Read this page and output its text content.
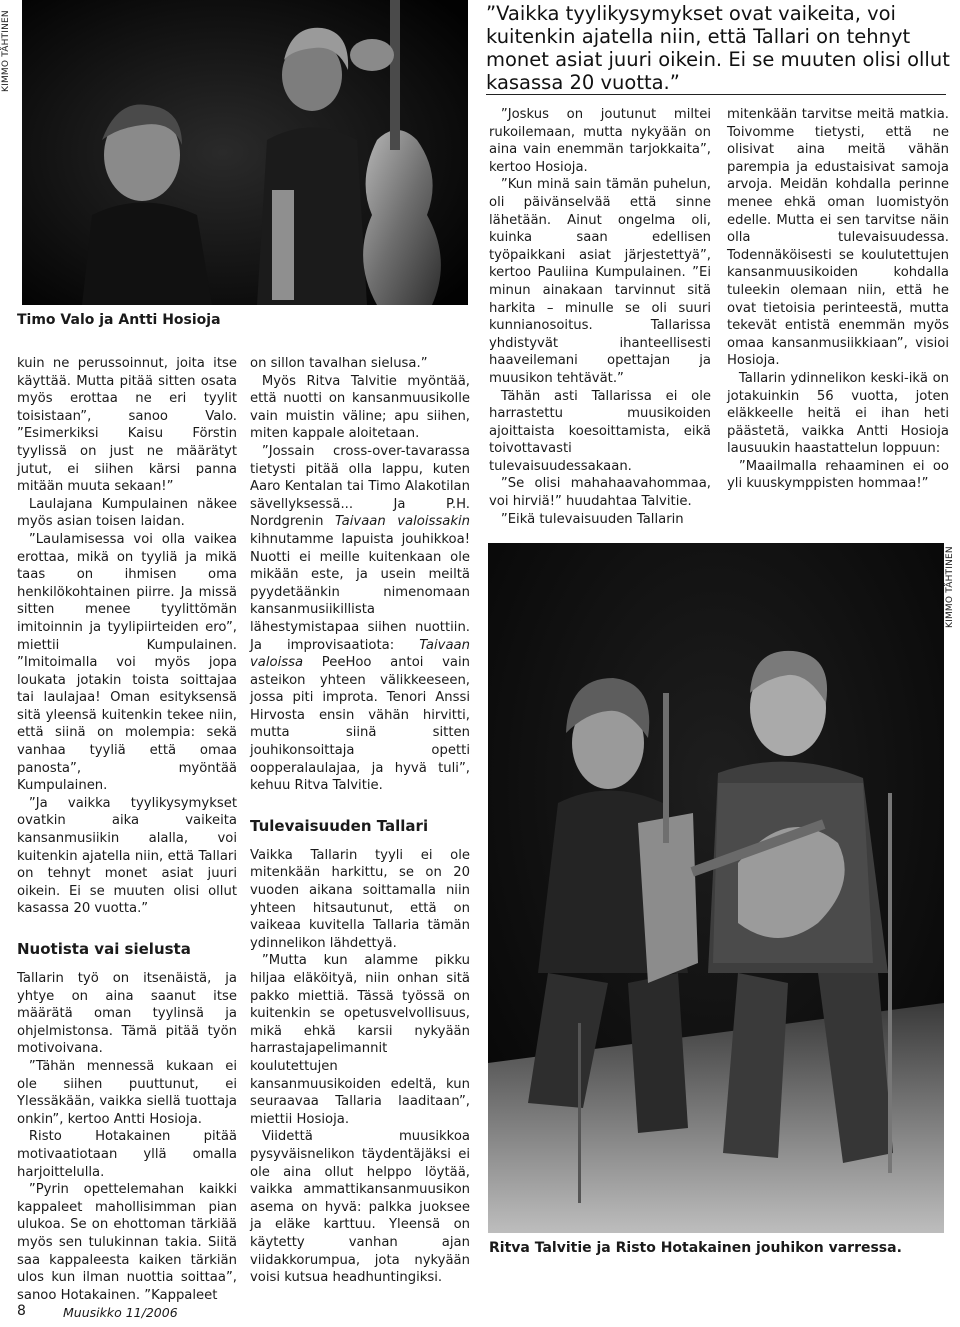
KIMMO TÄHTINEN
Timo Valo ja Antti Hosioja
”Vaikka tyylikysymykset ovat vaikeita, voi kuitenkin ajatella niin, että Tallari on tehnyt monet asiat juuri oikein. Ei se muuten olisi ollut kasassa 20 vuotta.”

kuin ne perussoinnut, joita itse käyttää. Mutta pitää sitten osata myös erottaa ne eri tyylit toisistaan”, sanoo Valo. ”Esimerkiksi Kaisu Förstin tyylissä on just ne määrätyt jutut, ei siihen kärsi panna mitään muuta sekaan!”

Laulajana Kumpulainen näkee myös asian toisen laidan.

”Laulamisessa voi olla vaikea erottaa, mikä on tyyliä ja mikä taas on ihmisen oma henkilökohtainen piirre. Ja missä sitten menee tyylittömän imitoinnin ja tyylipiirteiden ero”, miettii Kumpulainen. ”Imitoimalla voi myös jopa loukata jotakin toista soittajaa tai laulajaa! Oman esityksensä sitä yleensä kuitenkin tekee niin, että siinä on molempia: sekä vanhaa tyyliä että omaa panosta”, myöntää Kumpulainen.

”Ja vaikka tyylikysymykset ovatkin aika vaikeita kansanmusiikin alalla, voi kuitenkin ajatella niin, että Tallari on tehnyt monet asiat juuri oikein. Ei se muuten olisi ollut kasassa 20 vuotta.”

Nuotista vai sielusta

Tallarin työ on itsenäistä, ja yhtye on aina saanut itse määrätä oman tyylinsä ja ohjelmistonsa. Tämä pitää työn motivoivana.

”Tähän mennessä kukaan ei ole siihen puuttunut, ei Ylessäkään, vaikka siellä tuottaja onkin”, kertoo Antti Hosioja.

Risto Hotakainen pitää motivaatiotaan yllä omalla harjoittelulla.

”Pyrin opettelemahan kaikki kappaleet mahollisimman pian ulukoa. Se on ehottoman tärkiää myös sen tulukinnan takia. Siitä saa kappaleesta kaiken tärkiän ulos kun ilman nuottia soittaa”, sanoo Hotakainen. ”Kappaleet

on sillon tavalhan sielusa.”

Myös Ritva Talvitie myöntää, että nuotti on kansanmuusikolle vain muistin väline; apu siihen, miten kappale aloitetaan.

”Jossain cross-over-tavarassa tietysti pitää olla lappu, kuten Aaro Kentalan tai Timo Alakotilan sävellyksessä... Ja P.H. Nordgrenin Taivaan valoissakin kihnutamme lapuista jouhikkoa! Nuotti ei meille kuitenkaan ole mikään este, ja usein meiltä pyydetäänkin nimenomaan kansanmusiikillista lähestymistapaa siihen nuottiin. Ja improvisaatiota: Taivaan valoissa PeeHoo antoi vain asteikon yhteen välikkeeseen, jossa piti improta. Tenori Anssi Hirvosta ensin vähän hirvitti, mutta siinä sitten jouhikonsoittaja opetti oopperalaulajaa, ja hyvä tuli”, kehuu Ritva Talvitie.

Tulevaisuuden Tallari

Vaikka Tallarin tyyli ei ole mitenkään harkittu, se on 20 vuoden aikana soittamalla niin yhteen hitsautunut, että on vaikeaa kuvitella Tallaria tämän ydinnelikon lähdettyä.

”Mutta kun alamme pikku hiljaa eläköityä, niin onhan sitä pakko miettiä. Tässä työssä on kuitenkin se opetusvelvollisuus, mikä ehkä karsii nykyään harrastajapelimannit koulutettujen kansanmuusikoiden edeltä, kun seuraavaa Tallaria laaditaan”, miettii Hosioja.

Viidettä muusikkoa pysyväisnelikon täydentäjäksi ei ole aina ollut helppo löytää, vaikka ammattikansanmuusikon asema on hyvä: palkka juoksee ja eläke karttuu. Yleensä on käytetty vanhan ajan viidakkorumpua, jota nykyään voisi kutsua headhuntingiksi.

”Joskus on joutunut miltei rukoilemaan, mutta nykyään on aina vain enemmän tarjokkaita”, kertoo Hosioja.

”Kun minä sain tämän puhelun, oli päivänselvää että sinne lähetään. Ainut ongelma oli, kuinka saan edellisen työpaikkani asiat järjestettyä”, kertoo Pauliina Kumpulainen. ”Ei minun ainakaan tarvinnut sitä harkita – minulle se oli suuri kunnianosoitus. Tallarissa yhdistyvät ihanteellisesti haaveilemani opettajan ja muusikon tehtävät.”

Tähän asti Tallarissa ei ole harrastettu muusikoiden ajoittaista koesoittamista, eikä toivottavasti tulevaisuudessakaan.

”Se olisi mahahaavahommaa, voi hirviä!” huudahtaa Talvitie.

”Eikä tulevaisuuden Tallarin

mitenkään tarvitse meitä matkia. Toivomme tietysti, että ne olisivat aina meitä vähän parempia ja edustaisivat samoja arvoja. Meidän kohdalla perinne menee ehkä oman luomistyön edelle. Mutta ei sen tarvitse näin olla tulevaisuudessa. Todennäköisesti se koulutettujen kansanmuusikoiden kohdalla tuleekin olemaan niin, että he ovat tietoisia perinteestä, mutta tekevät entistä enemmän myös omaa kansanmusiikkiaan”, visioi Hosioja.

Tallarin ydinnelikon keski-ikä on jotakuinkin 56 vuotta, joten eläkkeelle heitä ei ihan heti päästetä, vaikka Antti Hosioja lausuukin haastattelun loppuun:

”Maailmalla rehaaminen ei oo yli kuuskymppisten hommaa!”

KIMMO TÄHTINEN
Ritva Talvitie ja Risto Hotakainen jouhikon varressa.
8	Muusikko 11/2006
